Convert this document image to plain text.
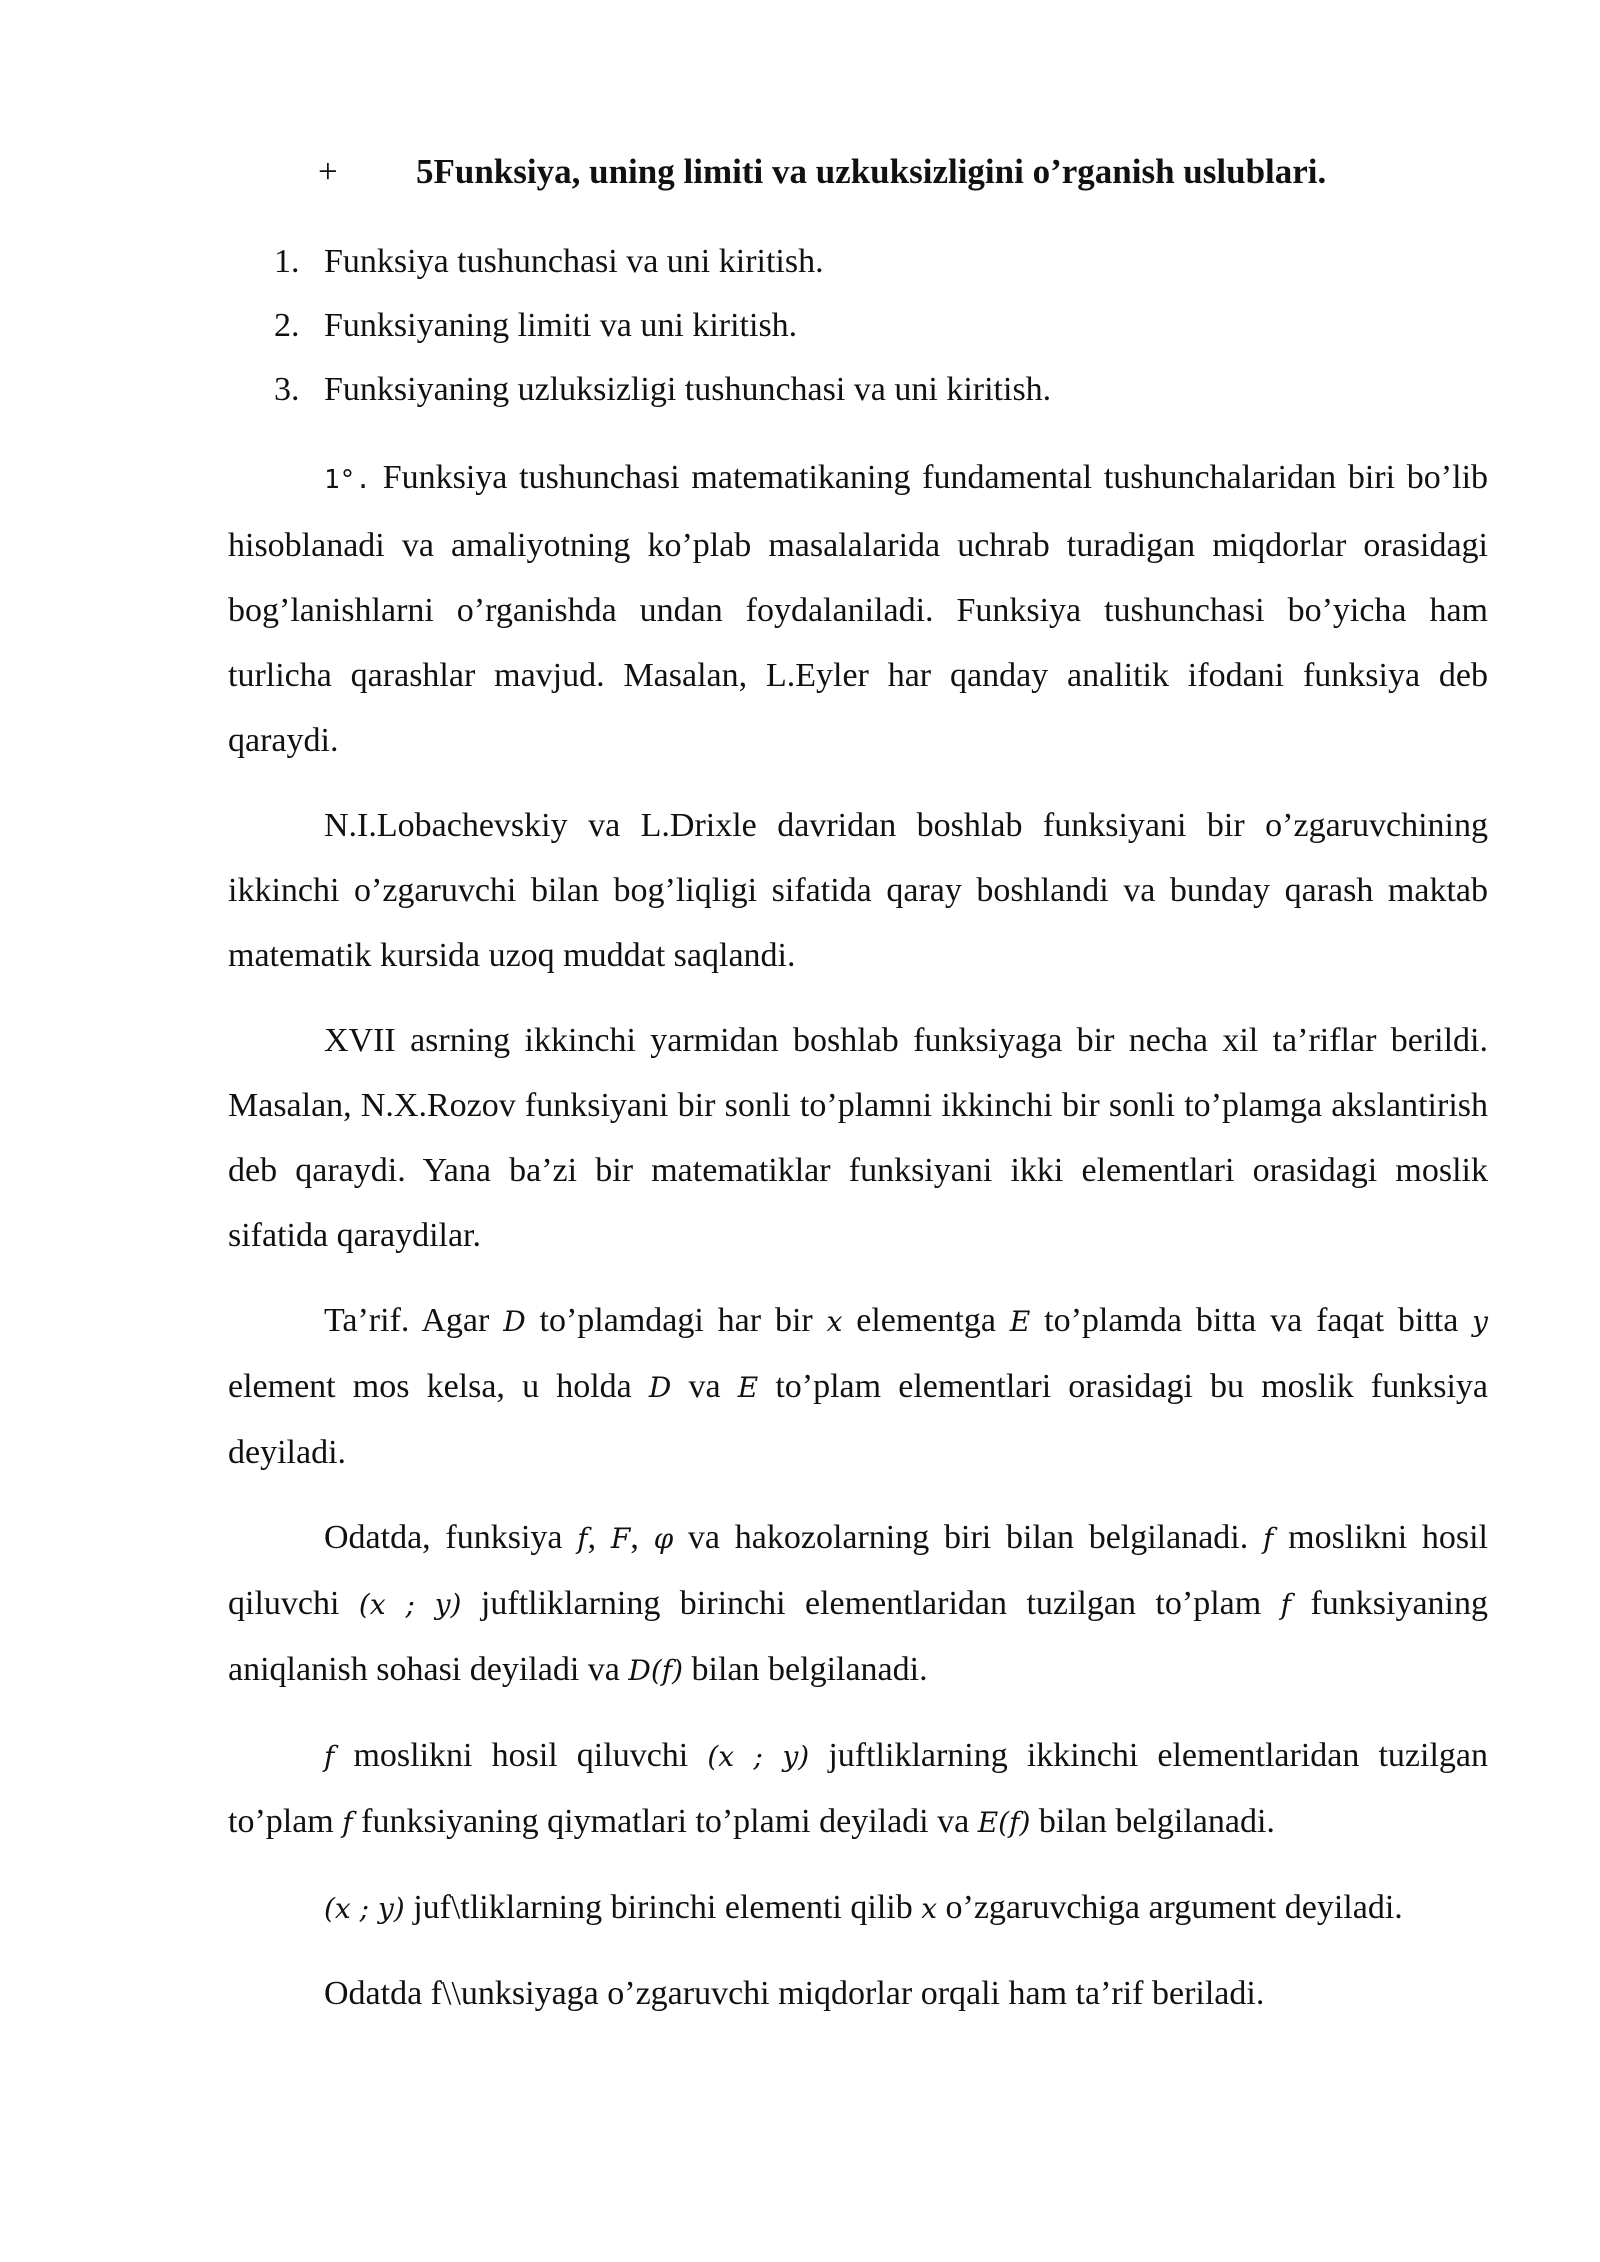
+ 5Funksiya, uning limiti va uzkuksizligini o’rganish uslublari.
1. Funksiya tushunchasi va uni kiritish.
2. Funksiyaning limiti va uni kiritish.
3. Funksiyaning uzluksizligi tushunchasi va uni kiritish.

1°. Funksiya tushunchasi matematikaning fundamental tushunchalaridan biri bo’lib hisoblanadi va amaliyotning ko’plab masalalarida uchrab turadigan miqdorlar orasidagi bog’lanishlarni o’rganishda undan foydalaniladi. Funksiya tushunchasi bo’yicha ham turlicha qarashlar mavjud. Masalan, L.Eyler har qanday analitik ifodani funksiya deb qaraydi.

N.I.Lobachevskiy va L.Drixle davridan boshlab funksiyani bir o’zgaruvchining ikkinchi o’zgaruvchi bilan bog’liqligi sifatida qaray boshlandi va bunday qarash maktab matematik kursida uzoq muddat saqlandi.

XVII asrning ikkinchi yarmidan boshlab funksiyaga bir necha xil ta’riflar berildi. Masalan, N.X.Rozov funksiyani bir sonli to’plamni ikkinchi bir sonli to’plamga akslantirish deb qaraydi. Yana ba’zi bir matematiklar funksiyani ikki elementlari orasidagi moslik sifatida qaraydilar.

Ta’rif. Agar D to’plamdagi har bir x elementga E to’plamda bitta va faqat bitta y element mos kelsa, u holda D va E to’plam elementlari orasidagi bu moslik funksiya deyiladi.

Odatda, funksiya f, F, φ va hakozolarning biri bilan belgilanadi. f moslikni hosil qiluvchi (x ; y) juftliklarning birinchi elementlaridan tuzilgan to’plam f funksiyaning aniqlanish sohasi deyiladi va D(f) bilan belgilanadi.

f moslikni hosil qiluvchi (x ; y) juftliklarning ikkinchi elementlaridan tuzilgan to’plam f funksiyaning qiymatlari to’plami deyiladi va E(f) bilan belgilanadi.

(x ; y) juf\tliklarning birinchi elementi qilib x o’zgaruvchiga argument deyiladi.

Odatda f\\unksiyaga o’zgaruvchi miqdorlar orqali ham ta’rif beriladi.
